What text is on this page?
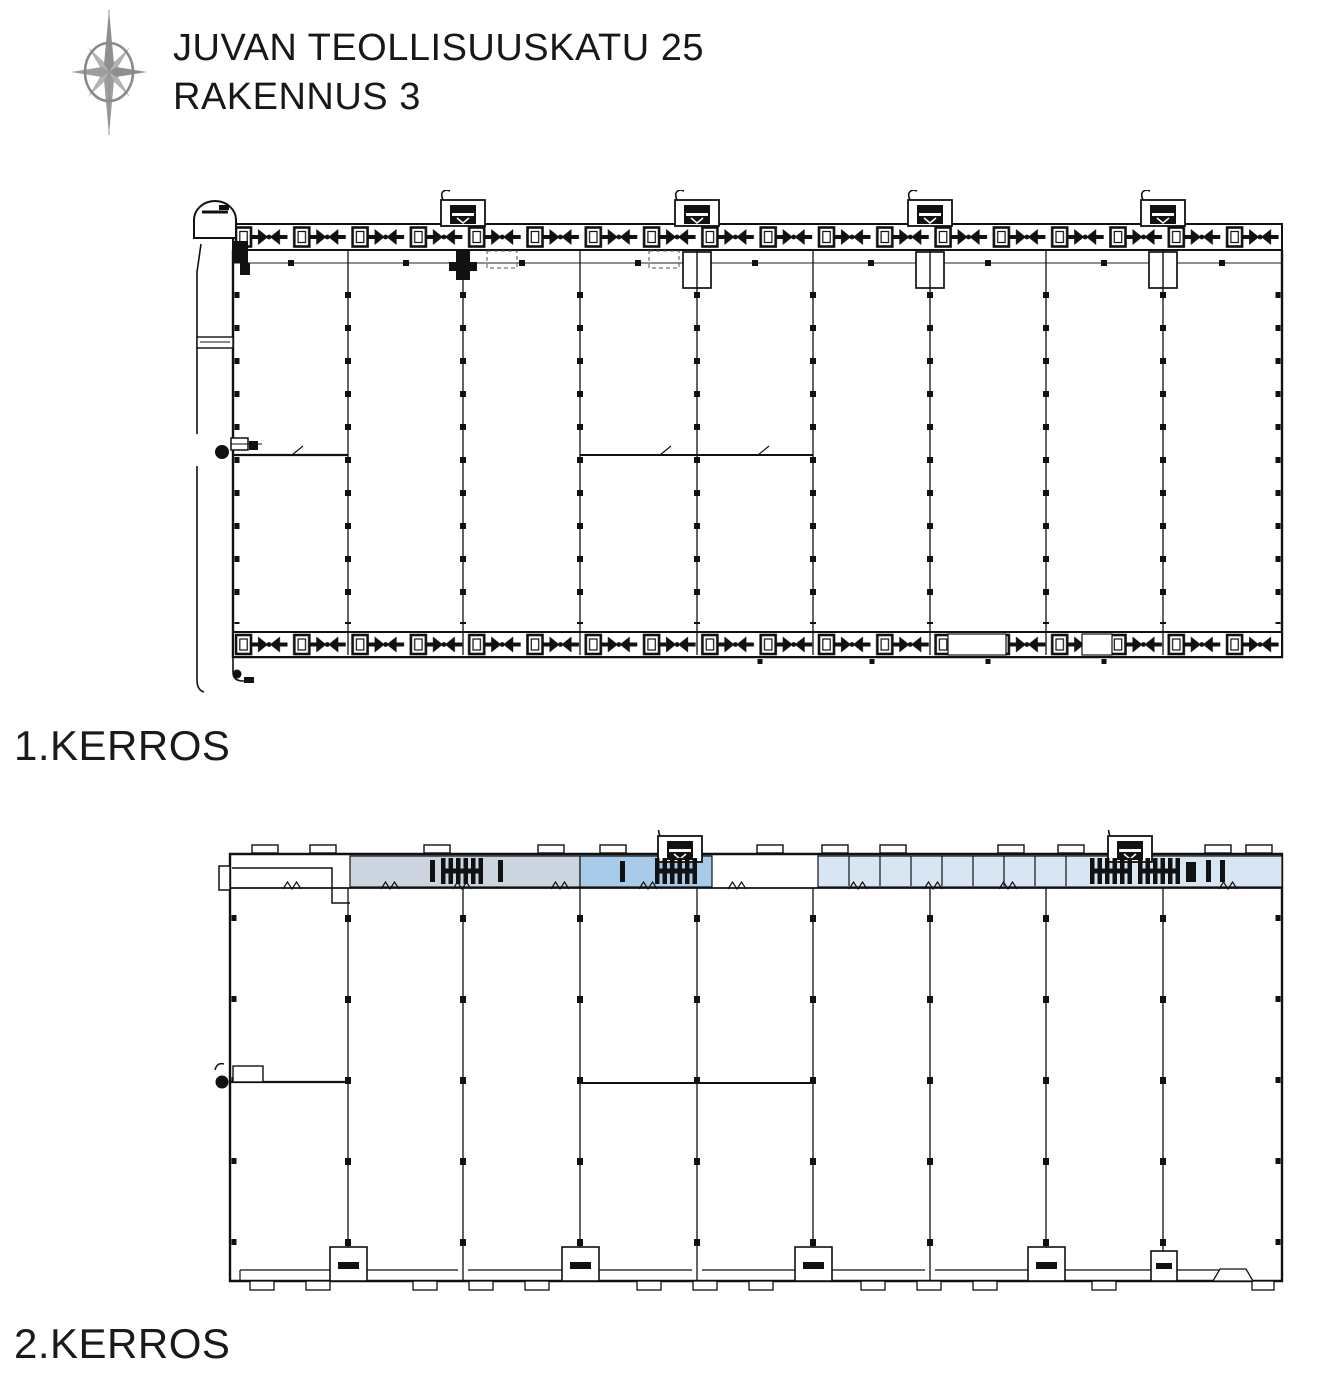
JUVAN TEOLLISUUSKATU 25
RAKENNUS 3
1.KERROS
2.KERROS
